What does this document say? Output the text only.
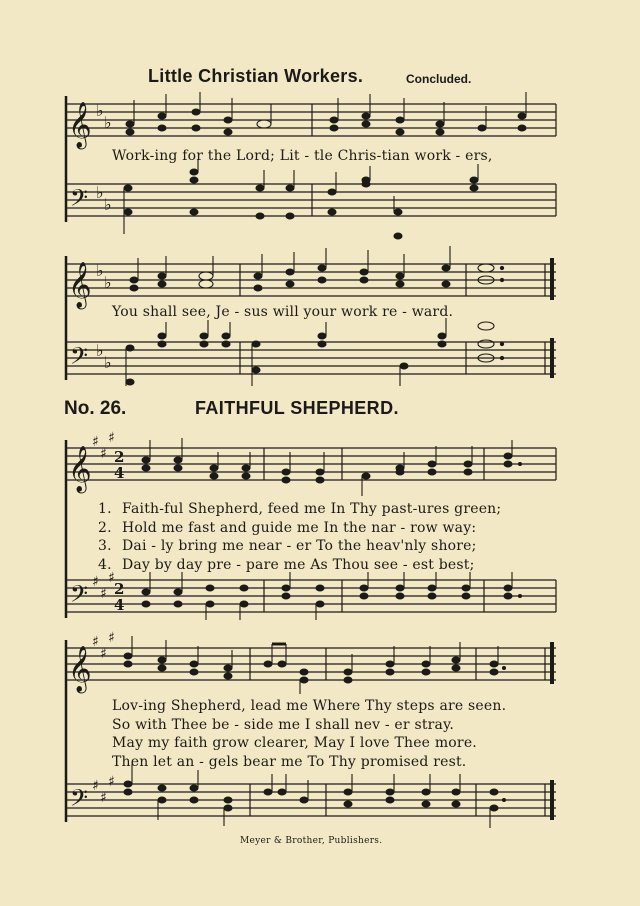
Little Christian Workers.	Concluded.
𝄞
𝄢
♭
♭
♭
♭
Work-ing for the Lord; Lit - tle Chris-tian work - ers,
𝄞
𝄢
♭
♭
♭
♭
You shall see, Je - sus will your work re - ward.
No. 26.	FAITHFUL SHEPHERD.
𝄞
𝄢
♯
♯
♯
♯
♯
♯
2
4
2
4
1. Faith-ful Shepherd, feed me In Thy past-ures green;
2. Hold me fast and guide me In the nar - row way:
3. Dai - ly bring me near - er To the heav'nly shore;
4. Day by day pre - pare me As Thou see - est best;
𝄞
𝄢
♯
♯
♯
♯
♯
♯
Lov-ing Shepherd, lead me Where Thy steps are seen.
So with Thee be - side me I shall nev - er stray.
May my faith grow clearer, May I love Thee more.
Then let an - gels bear me To Thy promised rest.
Meyer & Brother, Publishers.
